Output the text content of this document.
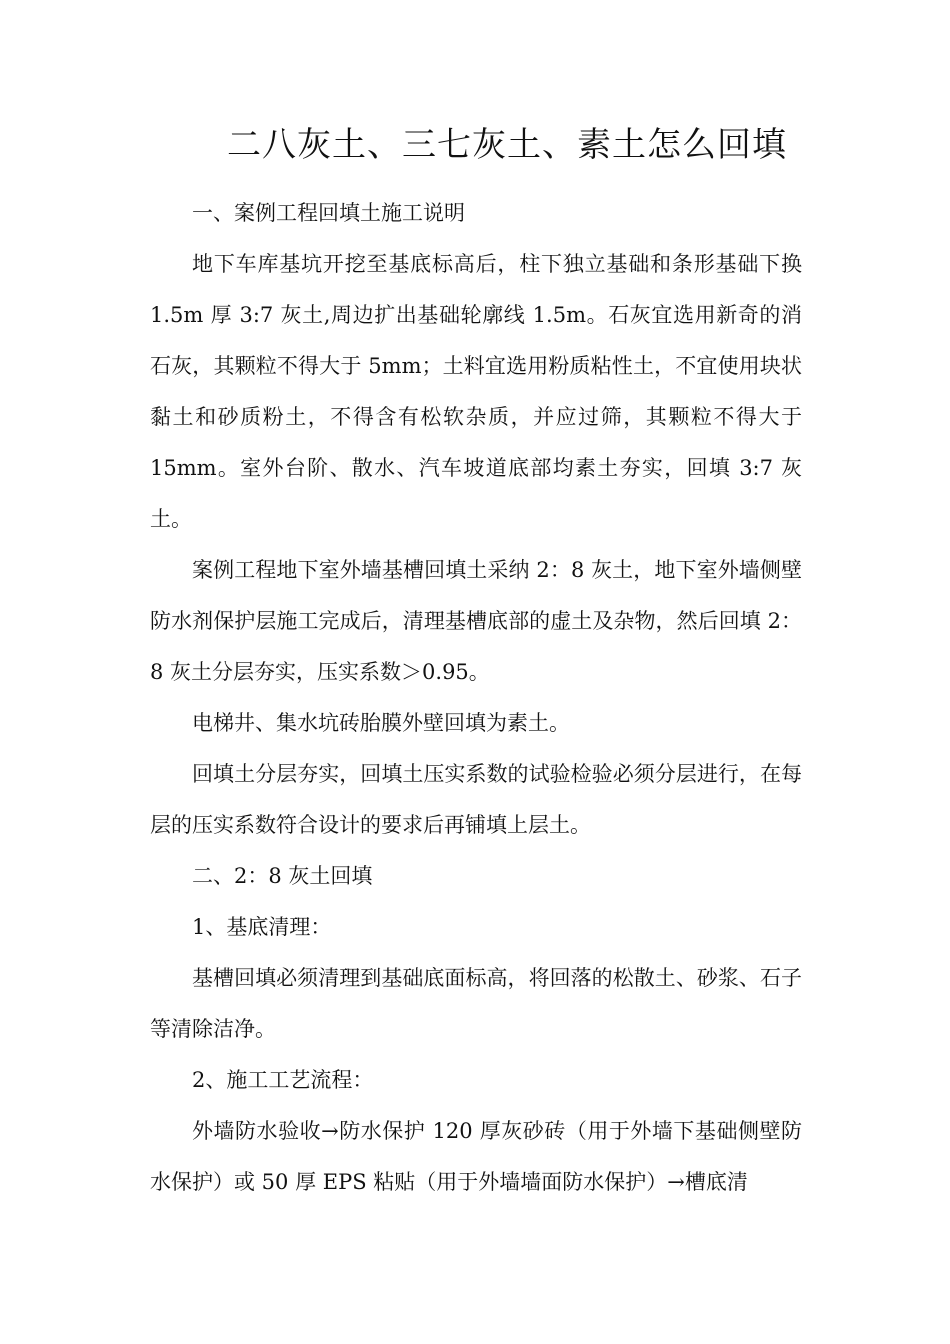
二八灰土、三七灰土、素土怎么回填

一、案例工程回填土施工说明

地下车库基坑开挖至基底标高后，柱下独立基础和条形基础下换 1.5m 厚 3:7 灰土,周边扩出基础轮廓线 1.5m。石灰宜选用新奇的消石灰，其颗粒不得大于 5mm；土料宜选用粉质粘性土，不宜使用块状黏土和砂质粉土，不得含有松软杂质，并应过筛，其颗粒不得大于 15mm。室外台阶、散水、汽车坡道底部均素土夯实，回填 3:7 灰土。

案例工程地下室外墙基槽回填土采纳 2：8 灰土，地下室外墙侧壁防水剂保护层施工完成后，清理基槽底部的虚土及杂物，然后回填 2：8 灰土分层夯实，压实系数＞0.95。

电梯井、集水坑砖胎膜外壁回填为素土。

回填土分层夯实，回填土压实系数的试验检验必须分层进行，在每层的压实系数符合设计的要求后再铺填上层土。

二、2：8 灰土回填

1、基底清理：

基槽回填必须清理到基础底面标高，将回落的松散土、砂浆、石子等清除洁净。

2、施工工艺流程：

外墙防水验收→防水保护 120 厚灰砂砖（用于外墙下基础侧壁防水保护）或 50 厚 EPS 粘贴（用于外墙墙面防水保护）→槽底清
